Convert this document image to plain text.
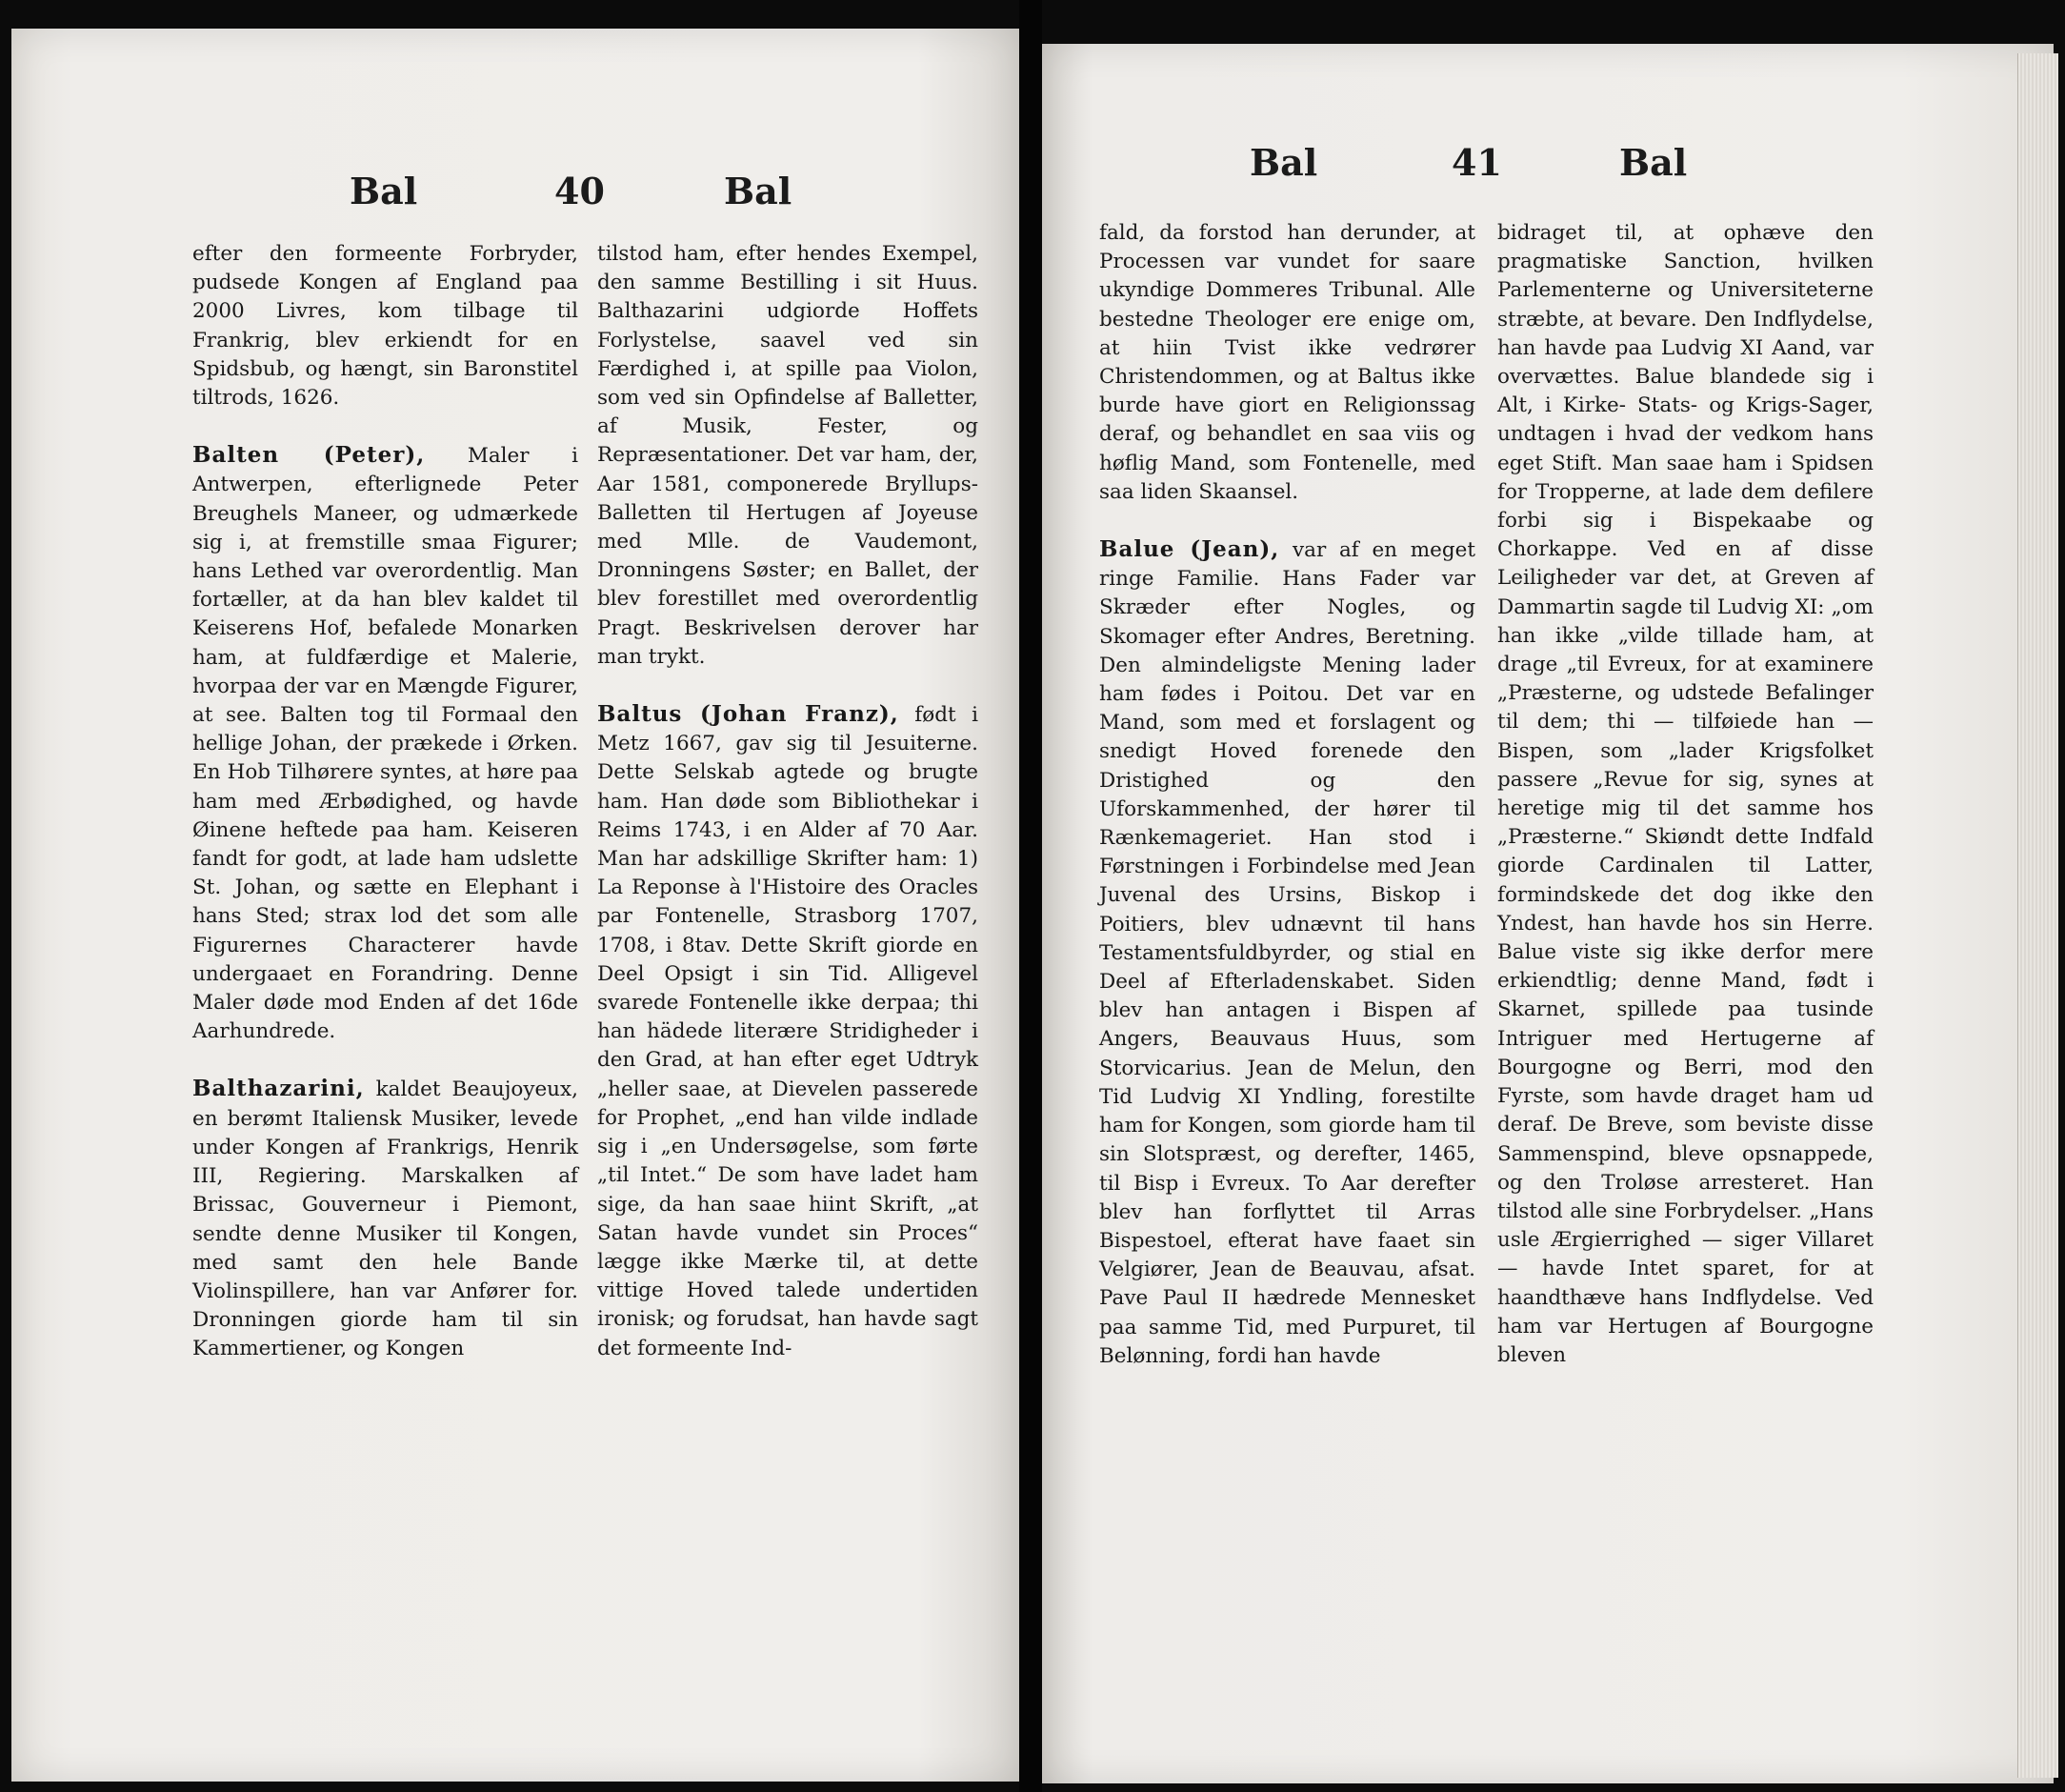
Bal	40	Bal

efter den formeente Forbryder, pudsede Kongen af England paa 2000 Livres, kom tilbage til Frankrig, blev erkiendt for en Spidsbub, og hængt, sin Baronstitel tiltrods, 1626.

Balten (Peter), Maler i Antwerpen, efterlignede Peter Breughels Maneer, og udmærkede sig i, at fremstille smaa Figurer; hans Lethed var overordentlig. Man fortæller, at da han blev kaldet til Keiserens Hof, befalede Monarken ham, at fuldfærdige et Malerie, hvorpaa der var en Mængde Figurer, at see. Balten tog til Formaal den hellige Johan, der prækede i Ørken. En Hob Tilhørere syntes, at høre paa ham med Ærbødighed, og havde Øinene heftede paa ham. Keiseren fandt for godt, at lade ham udslette St. Johan, og sætte en Elephant i hans Sted; strax lod det som alle Figurernes Characterer havde undergaaet en Forandring. Denne Maler døde mod Enden af det 16de Aarhundrede.

Balthazarini, kaldet Beaujoyeux, en berømt Italiensk Musiker, levede under Kongen af Frankrigs, Henrik III, Regiering. Marskalken af Brissac, Gouverneur i Piemont, sendte denne Musiker til Kongen, med samt den hele Bande Violinspillere, han var Anfører for. Dronningen giorde ham til sin Kammertiener, og Kongen

tilstod ham, efter hendes Exempel, den samme Bestilling i sit Huus. Balthazarini udgiorde Hoffets Forlystelse, saavel ved sin Færdighed i, at spille paa Violon, som ved sin Opfindelse af Balletter, af Musik, Fester, og Repræsentationer. Det var ham, der, Aar 1581, componerede Bryllups-Balletten til Hertugen af Joyeuse med Mlle. de Vaudemont, Dronningens Søster; en Ballet, der blev forestillet med overordentlig Pragt. Beskrivelsen derover har man trykt.

Baltus (Johan Franz), født i Metz 1667, gav sig til Jesuiterne. Dette Selskab agtede og brugte ham. Han døde som Bibliothekar i Reims 1743, i en Alder af 70 Aar. Man har adskillige Skrifter ham: 1) La Reponse à l'Histoire des Oracles par Fontenelle, Strasborg 1707, 1708, i 8tav. Dette Skrift giorde en Deel Opsigt i sin Tid. Alligevel svarede Fontenelle ikke derpaa; thi han hädede literære Stridigheder i den Grad, at han efter eget Udtryk „heller saae, at Dievelen passerede for Prophet, „end han vilde indlade sig i „en Undersøgelse, som førte „til Intet.“ De som have ladet ham sige, da han saae hiint Skrift, „at Satan havde vundet sin Proces“ lægge ikke Mærke til, at dette vittige Hoved talede undertiden ironisk; og forudsat, han havde sagt det formeente Ind-

Bal	41	Bal

fald, da forstod han derunder, at Processen var vundet for saare ukyndige Dommeres Tribunal. Alle bestedne Theologer ere enige om, at hiin Tvist ikke vedrører Christendommen, og at Baltus ikke burde have giort en Religionssag deraf, og behandlet en saa viis og høflig Mand, som Fontenelle, med saa liden Skaansel.

Balue (Jean), var af en meget ringe Familie. Hans Fader var Skræder efter Nogles, og Skomager efter Andres, Beretning. Den almindeligste Mening lader ham fødes i Poitou. Det var en Mand, som med et forslagent og snedigt Hoved forenede den Dristighed og den Uforskammenhed, der hører til Rænkemageriet. Han stod i Førstningen i Forbindelse med Jean Juvenal des Ursins, Biskop i Poitiers, blev udnævnt til hans Testamentsfuldbyrder, og stial en Deel af Efterladenskabet. Siden blev han antagen i Bispen af Angers, Beauvaus Huus, som Storvicarius. Jean de Melun, den Tid Ludvig XI Yndling, forestilte ham for Kongen, som giorde ham til sin Slotspræst, og derefter, 1465, til Bisp i Evreux. To Aar derefter blev han forflyttet til Arras Bispestoel, efterat have faaet sin Velgiører, Jean de Beauvau, afsat. Pave Paul II hædrede Mennesket paa samme Tid, med Purpuret, til Belønning, fordi han havde

bidraget til, at ophæve den pragmatiske Sanction, hvilken Parlementerne og Universiteterne stræbte, at bevare. Den Indflydelse, han havde paa Ludvig XI Aand, var overvættes. Balue blandede sig i Alt, i Kirke- Stats- og Krigs-Sager, undtagen i hvad der vedkom hans eget Stift. Man saae ham i Spidsen for Tropperne, at lade dem defilere forbi sig i Bispekaabe og Chorkappe. Ved en af disse Leiligheder var det, at Greven af Dammartin sagde til Ludvig XI: „om han ikke „vilde tillade ham, at drage „til Evreux, for at examinere „Præsterne, og udstede Befalinger til dem; thi — tilføiede han — Bispen, som „lader Krigsfolket passere „Revue for sig, synes at heretige mig til det samme hos „Præsterne.“ Skiøndt dette Indfald giorde Cardinalen til Latter, formindskede det dog ikke den Yndest, han havde hos sin Herre. Balue viste sig ikke derfor mere erkiendtlig; denne Mand, født i Skarnet, spillede paa tusinde Intriguer med Hertugerne af Bourgogne og Berri, mod den Fyrste, som havde draget ham ud deraf. De Breve, som beviste disse Sammenspind, bleve opsnappede, og den Troløse arresteret. Han tilstod alle sine Forbrydelser. „Hans usle Ærgierrighed — siger Villaret — havde Intet sparet, for at haandthæve hans Indflydelse. Ved ham var Hertugen af Bourgogne bleven
